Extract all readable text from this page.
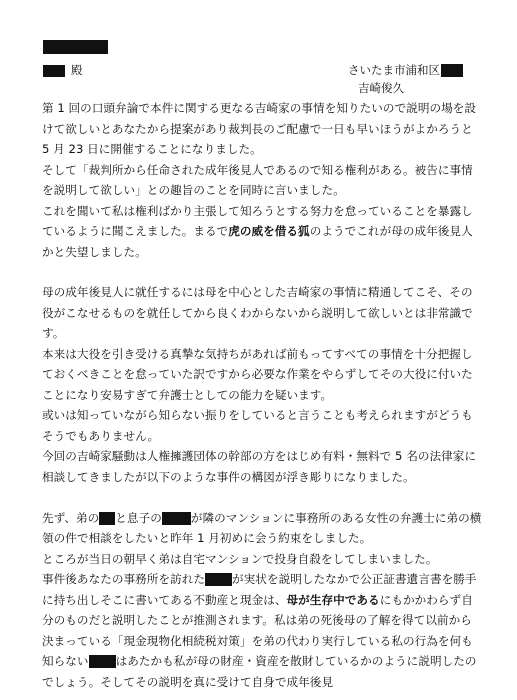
殿	さいたま市浦和区
吉崎俊久

第 1 回の口頭弁論で本件に関する更なる吉崎家の事情を知りたいので説明の場を設けて欲しいとあなたから提案があり裁判長のご配慮で一日も早いほうがよかろうと 5 月 23 日に開催することになりました。

そして「裁判所から任命された成年後見人であるので知る権利がある。被告に事情を説明して欲しい」との趣旨のことを同時に言いました。

これを聞いて私は権利ばかり主張して知ろうとする努力を怠っていることを暴露しているように聞こえました。まるで虎の威を借る狐のようでこれが母の成年後見人かと失望しました。

母の成年後見人に就任するには母を中心とした吉崎家の事情に精通してこそ、その役がこなせるものを就任してから良くわからないから説明して欲しいとは非常識です。

本来は大役を引き受ける真摯な気持ちがあれば前もってすべての事情を十分把握しておくべきことを怠っていた訳ですから必要な作業をやらずしてその大役に付いたことになり安易すぎて弁護士としての能力を疑います。

或いは知っていながら知らない振りをしていると言うことも考えられますがどうもそうでもありません。

今回の吉崎家騒動は人権擁護団体の幹部の方をはじめ有料・無料で 5 名の法律家に相談してきましたが以下のような事件の構図が浮き彫りになりました。

先ず、弟の と息子の	が隣のマンションに事務所のある女性の弁護士に弟の横領の件で相談をしたいと昨年 1 月初めに会う約束をしました。

ところが当日の朝早く弟は自宅マンションで投身自殺をしてしまいました。

事件後あなたの事務所を訪れた が実状を説明したなかで公正証書遺言書を勝手に持ち出しそこに書いてある不動産と現金は、母が生存中であるにもかかわらず自分のものだと説明したことが推測されます。私は弟の死後母の了解を得て以前から決まっている「現金現物化相続税対策」を弟の代わり実行している私の行為を何も知らない はあたかも私が母の財産・資産を散財しているかのように説明したのでしょう。そしてその説明を真に受けて自身で成年後見
